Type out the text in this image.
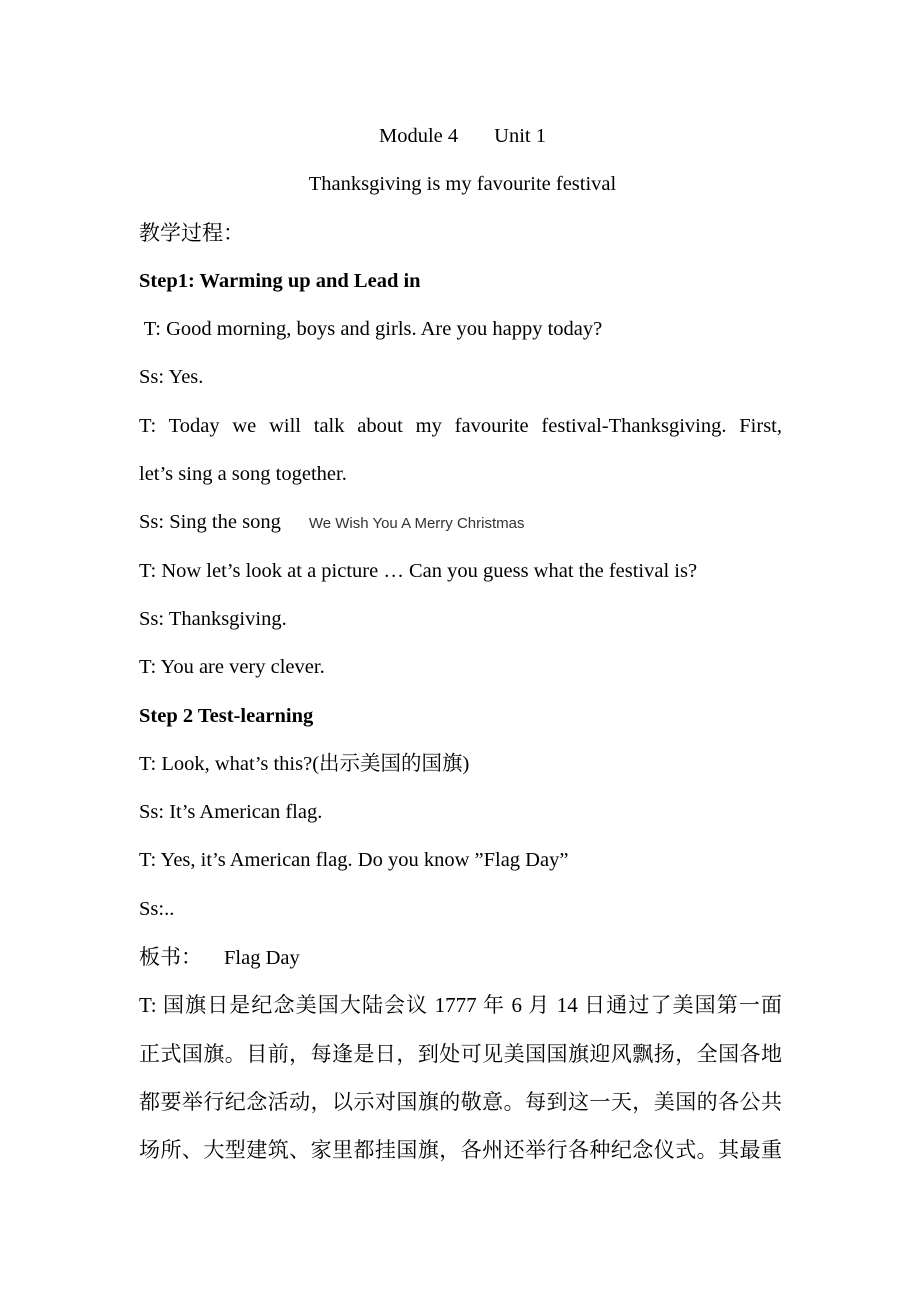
Module 4 Unit 1
Thanksgiving is my favourite festival
教学过程：
Step1: Warming up and Lead in
T: Good morning, boys and girls. Are you happy today?
Ss: Yes.
T: Today we will talk about my favourite festival-Thanksgiving. First,
let’s sing a song together.
Ss: Sing the song We Wish You A Merry Christmas
T: Now let’s look at a picture … Can you guess what the festival is?
Ss: Thanksgiving.
T: You are very clever.
Step 2 Test-learning
T: Look, what’s this?(出示美国的国旗)
Ss: It’s American flag.
T: Yes, it’s American flag. Do you know ”Flag Day”
Ss:..
板书： Flag Day
T: 国旗日是纪念美国大陆会议 1777 年 6 月 14 日通过了美国第一面
正式国旗。目前，每逢是日，到处可见美国国旗迎风飘扬，全国各地
都要举行纪念活动，以示对国旗的敬意。每到这一天，美国的各公共
场所、大型建筑、家里都挂国旗，各州还举行各种纪念仪式。其最重
